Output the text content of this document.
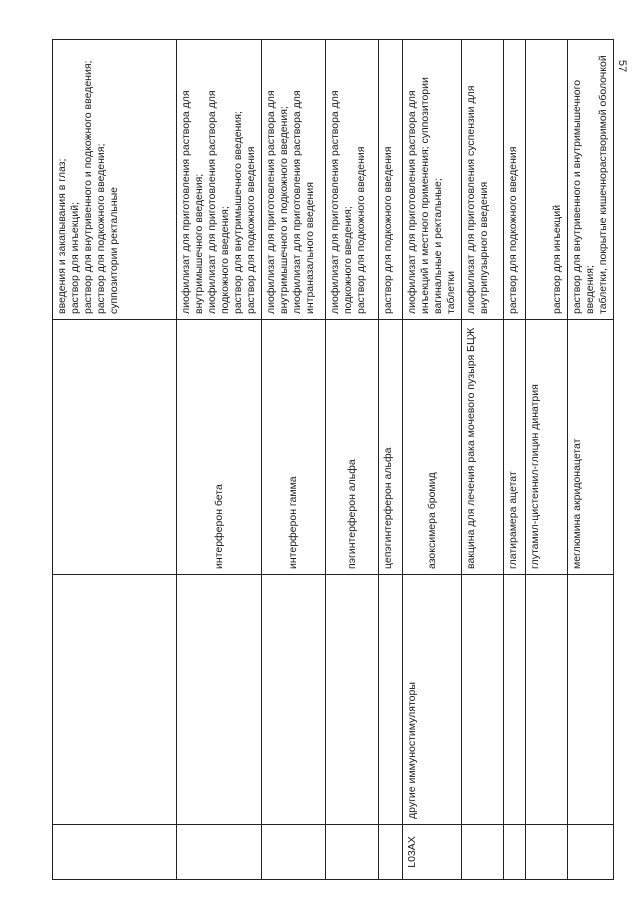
57
			введения и закапывания в глаз;
раствор для инъекций;
раствор для внутривенного и подкожного введения;
раствор для подкожного введения;
суппозитории ректальные
		интерферон бета	лиофилизат для приготовления раствора для внутримышечного введения;
лиофилизат для приготовления раствора для подкожного введения;
раствор для внутримышечного введения;
раствор для подкожного введения
		интерферон гамма	лиофилизат для приготовления раствора для внутримышечного и подкожного введения;
лиофилизат для приготовления раствора для интраназального введения
		пэгинтерферон альфа	лиофилизат для приготовления раствора для подкожного введения;
раствор для подкожного введения
		цепэгинтерферон альфа	раствор для подкожного введения
L03AX	другие иммуностимуляторы	азоксимера бромид	лиофилизат для приготовления раствора для инъекций и местного применения; суппозитории вагинальные и ректальные;
таблетки
		вакцина для лечения рака мочевого пузыря БЦЖ	лиофилизат для приготовления суспензии для внутрипузырного введения
		глатирамера ацетат	раствор для подкожного введения
		глутамил-цистеинил-глицин динатрия	раствор для инъекций
		меглюмина акридонацетат	раствор для внутривенного и внутримышечного введения;
таблетки, покрытые кишечнорастворимой оболочкой
